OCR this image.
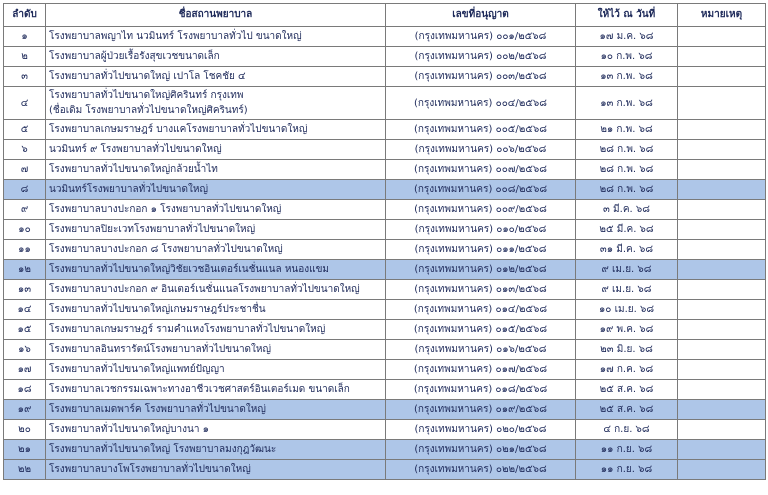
ลำดับ	ชื่อสถานพยาบาล	เลขที่อนุญาต	ให้ไว้ ณ วันที่	หมายเหตุ
๑	โรงพยาบาลพญาไท นวมินทร์ โรงพยาบาลทั่วไป ขนาดใหญ่	(กรุงเทพมหานคร) ๐๐๑/๒๕๖๘	๑๗ ม.ค. ๖๘	
๒	โรงพยาบาลผู้ป่วยเรื้อรังสุขเวชขนาดเล็ก	(กรุงเทพมหานคร) ๐๐๒/๒๕๖๘	๑๐ ก.พ. ๖๘	
๓	โรงพยาบาลทั่วไปขนาดใหญ่ เปาโล โชคชัย ๔	(กรุงเทพมหานคร) ๐๐๓/๒๕๖๘	๑๓ ก.พ. ๖๘	
๔	โรงพยาบาลทั่วไปขนาดใหญ่ศิครินทร์ กรุงเทพ
(ชื่อเดิม โรงพยาบาลทั่วไปขนาดใหญ่ศิครินทร์)	(กรุงเทพมหานคร) ๐๐๔/๒๕๖๘	๑๓ ก.พ. ๖๘	
๕	โรงพยาบาลเกษมราษฎร์ บางแคโรงพยาบาลทั่วไปขนาดใหญ่	(กรุงเทพมหานคร) ๐๐๕/๒๕๖๘	๒๑ ก.พ. ๖๘	
๖	นวมินทร์ ๙ โรงพยาบาลทั่วไปขนาดใหญ่	(กรุงเทพมหานคร) ๐๐๖/๒๕๖๘	๒๘ ก.พ. ๖๘	
๗	โรงพยาบาลทั่วไปขนาดใหญ่กล้วยน้ำไท	(กรุงเทพมหานคร) ๐๐๗/๒๕๖๘	๒๘ ก.พ. ๖๘	
๘	นวมินทร์โรงพยาบาลทั่วไปขนาดใหญ่	(กรุงเทพมหานคร) ๐๐๘/๒๕๖๘	๒๘ ก.พ. ๖๘	
๙	โรงพยาบาลบางปะกอก ๑ โรงพยาบาลทั่วไปขนาดใหญ่	(กรุงเทพมหานคร) ๐๐๙/๒๕๖๘	๓ มี.ค. ๖๘	
๑๐	โรงพยาบาลปิยะเวทโรงพยาบาลทั่วไปขนาดใหญ่	(กรุงเทพมหานคร) ๐๑๐/๒๕๖๘	๒๕ มี.ค. ๖๘	
๑๑	โรงพยาบาลบางปะกอก ๘ โรงพยาบาลทั่วไปขนาดใหญ่	(กรุงเทพมหานคร) ๐๑๑/๒๕๖๘	๓๑ มี.ค. ๖๘	
๑๒	โรงพยาบาลทั่วไปขนาดใหญ่วิชัยเวชอินเตอร์เนชั่นแนล หนองแขม	(กรุงเทพมหานคร) ๐๑๒/๒๕๖๘	๙ เม.ย. ๖๘	
๑๓	โรงพยาบาลบางปะกอก ๙ อินเตอร์เนชั่นแนลโรงพยาบาลทั่วไปขนาดใหญ่	(กรุงเทพมหานคร) ๐๑๓/๒๕๖๘	๙ เม.ย. ๖๘	
๑๔	โรงพยาบาลทั่วไปขนาดใหญ่เกษมราษฎร์ประชาชื่น	(กรุงเทพมหานคร) ๐๑๔/๒๕๖๘	๑๐ เม.ย. ๖๘	
๑๕	โรงพยาบาลเกษมราษฎร์ รามคำแหงโรงพยาบาลทั่วไปขนาดใหญ่	(กรุงเทพมหานคร) ๐๑๕/๒๕๖๘	๑๙ พ.ค. ๖๘	
๑๖	โรงพยาบาลอินทรารัตน์โรงพยาบาลทั่วไปขนาดใหญ่	(กรุงเทพมหานคร) ๐๑๖/๒๕๖๘	๒๓ มิ.ย. ๖๘	
๑๗	โรงพยาบาลทั่วไปขนาดใหญ่แพทย์ปัญญา	(กรุงเทพมหานคร) ๐๑๗/๒๕๖๘	๑๗ ก.ค. ๖๘	
๑๘	โรงพยาบาลเวชกรรมเฉพาะทางอาชีวเวชศาสตร์อินเตอร์เมด ขนาดเล็ก	(กรุงเทพมหานคร) ๐๑๘/๒๕๖๘	๒๕ ส.ค. ๖๘	
๑๙	โรงพยาบาลเมดพาร์ค โรงพยาบาลทั่วไปขนาดใหญ่	(กรุงเทพมหานคร) ๐๑๙/๒๕๖๘	๒๕ ส.ค. ๖๘	
๒๐	โรงพยาบาลทั่วไปขนาดใหญ่บางนา ๑	(กรุงเทพมหานคร) ๐๒๐/๒๕๖๘	๔ ก.ย. ๖๘	
๒๑	โรงพยาบาลทั่วไปขนาดใหญ่ โรงพยาบาลมงกุฎวัฒนะ	(กรุงเทพมหานคร) ๐๒๑/๒๕๖๘	๑๑ ก.ย. ๖๘	
๒๒	โรงพยาบาลบางโพโรงพยาบาลทั่วไปขนาดใหญ่	(กรุงเทพมหานคร) ๐๒๒/๒๕๖๘	๑๑ ก.ย. ๖๘	
